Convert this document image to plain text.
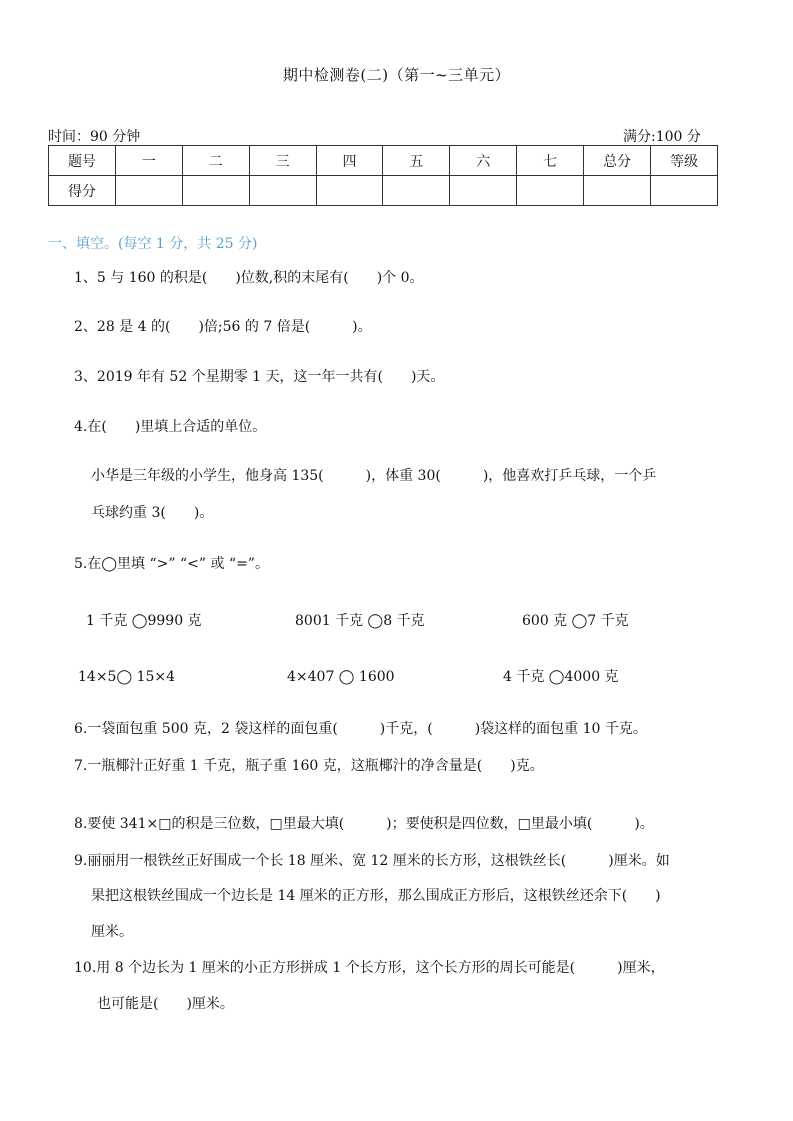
期中检测卷(二)（第一~三单元）
时间：90 分钟	满分:100 分
题号	一	二	三	四	五	六	七	总分	等级
得分									
一、填空。(每空 1 分，共 25 分)
1、5 与 160 的积是(　　)位数,积的末尾有(　　)个 0。
2、28 是 4 的(　　)倍;56 的 7 倍是(　　　)。
3、2019 年有 52 个星期零 1 天，这一年一共有(　　)天。
4.在(　　)里填上合适的单位。
小华是三年级的小学生，他身高 135(　　　)，体重 30(　　　)，他喜欢打乒乓球，一个乒
乓球约重 3(　　)。
5.在◯里填 “>” “<” 或 “=”。
1 千克 ◯9990 克	8001 千克 ◯8 千克	600 克 ◯7 千克
14×5◯ 15×4	4×407 ◯ 1600	4 千克 ◯4000 克
6.一袋面包重 500 克，2 袋这样的面包重(　　　)千克，(　　　)袋这样的面包重 10 千克。
7.一瓶椰汁正好重 1 千克，瓶子重 160 克，这瓶椰汁的净含量是(　　)克。
8.要使 341×□的积是三位数，□里最大填(　　　)；要使积是四位数，□里最小填(　　　)。
9.丽丽用一根铁丝正好围成一个长 18 厘米、宽 12 厘米的长方形，这根铁丝长(　　　)厘米。如
果把这根铁丝围成一个边长是 14 厘米的正方形，那么围成正方形后，这根铁丝还余下(　　)
厘米。
10.用 8 个边长为 1 厘米的小正方形拼成 1 个长方形，这个长方形的周长可能是(　　　)厘米，
也可能是(　　)厘米。
